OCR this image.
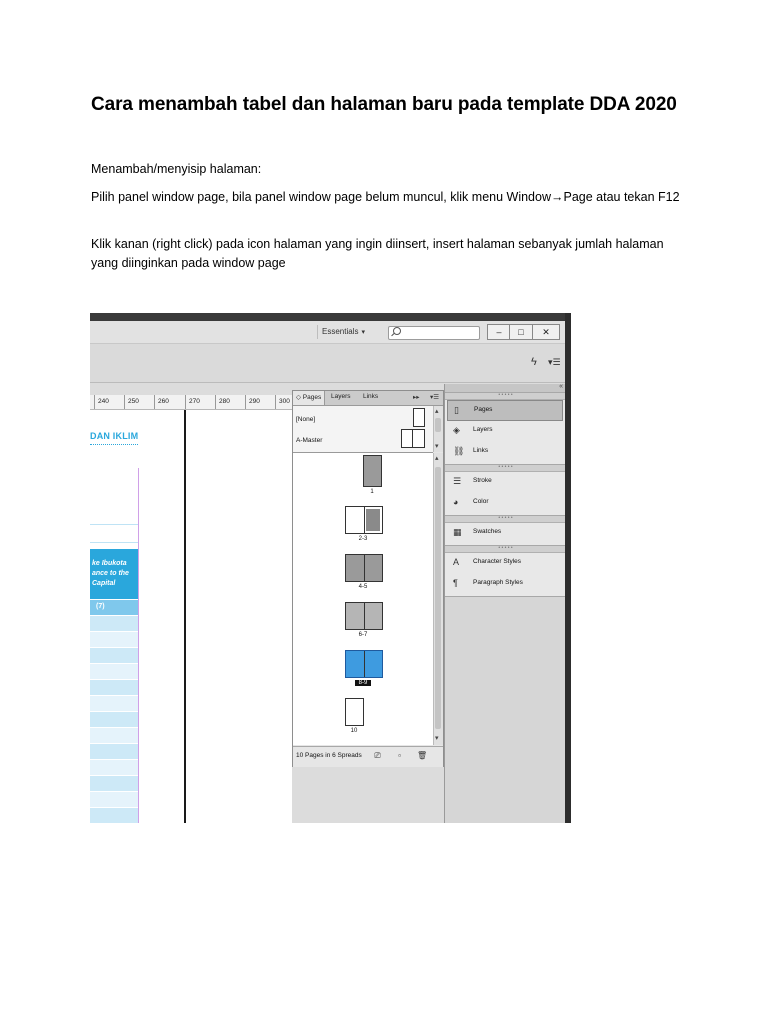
Cara menambah tabel dan halaman baru pada template DDA 2020

Menambah/menyisip halaman:

Pilih panel window page, bila panel window page belum muncul, klik menu Window→Page atau tekan F12

Klik kanan (right click) pada icon halaman yang ingin diinsert, insert halaman sebanyak jumlah halaman yang diinginkan pada window page

Essentials ▾	–	□	✕
ϟ ▾☰
240	250	260	270	280	290	300
DAN IKLIM
ke Ibukota
ance to the
Capital
(7)
◇ Pages	Layers Links	▸▸ ▾☰
[None]
A-Master
▴
▾
1
2-3
4-5
6-7
8-9
10
▴
▾
10 Pages in 6 Spreads ⎚	▫	🗑
«
• • • • •
▯	Pages
◈	Layers
⛓ Links
• • • • •
☰	Stroke
◕	Color
• • • • •
▦	Swatches
• • • • •
A	Character Styles
¶	Paragraph Styles
